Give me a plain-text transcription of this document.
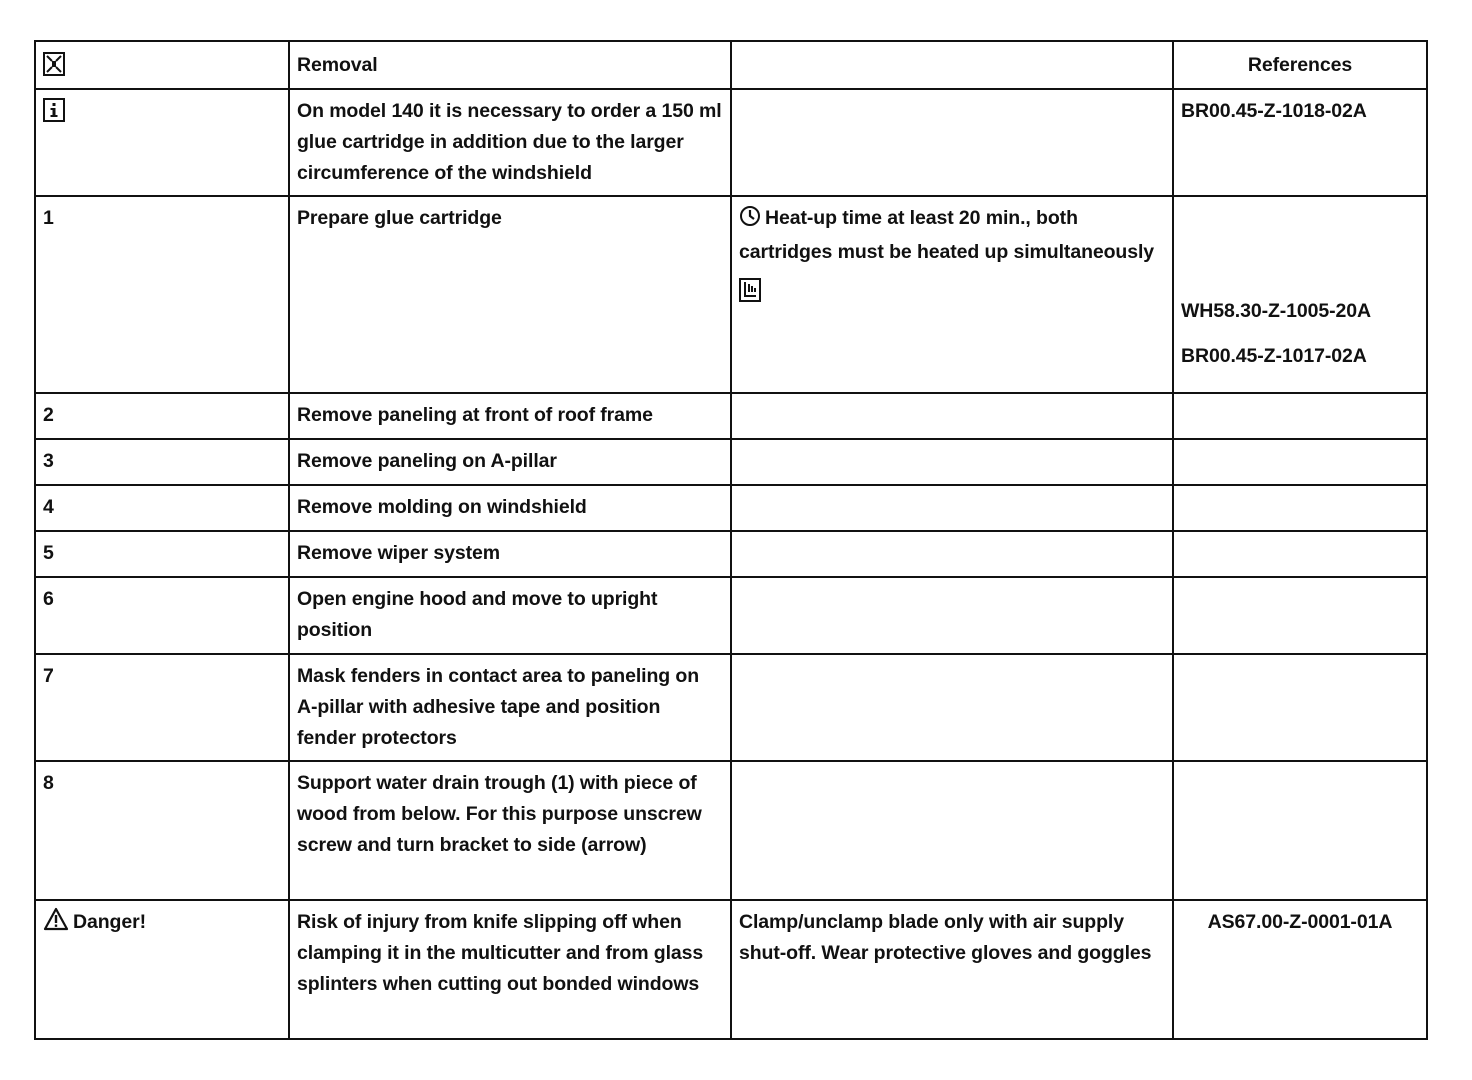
	Removal		References

	On model 140 it is necessary to order a 150 ml glue cartridge in addition due to the larger circumference of the windshield		BR00.45-Z-1018-02A

1	Prepare glue cartridge	Heat-up time at least 20 min., both cartridges must be heated up simultaneously	WH58.30-Z-1005-20A
BR00.45-Z-1017-02A

2	Remove paneling at front of roof frame		
3	Remove paneling on A-pillar		
4	Remove molding on windshield		
5	Remove wiper system		
6	Open engine hood and move to upright position		
7	Mask fenders in contact area to paneling on A-pillar with adhesive tape and position fender protectors		
8	Support water drain trough (1) with piece of wood from below. For this purpose unscrew screw and turn bracket to side (arrow)		
Danger!	Risk of injury from knife slipping off when clamping it in the multicutter and from glass splinters when cutting out bonded windows	Clamp/unclamp blade only with air supply shut-off. Wear protective gloves and goggles	AS67.00-Z-0001-01A
